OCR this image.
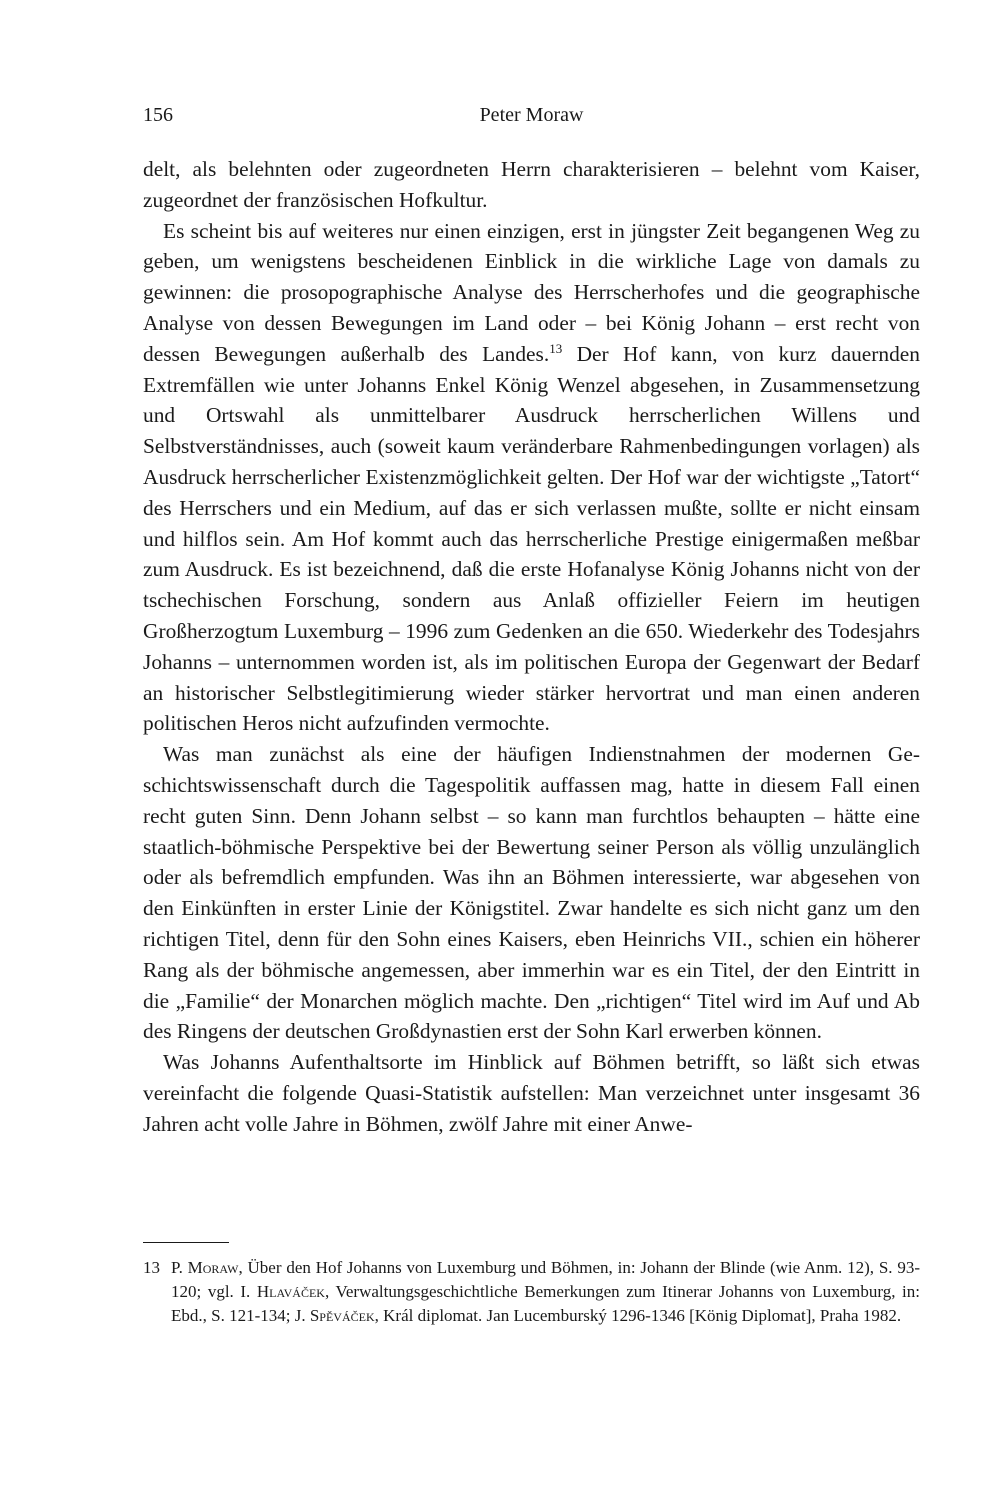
156	Peter Moraw

delt, als belehnten oder zugeordneten Herrn charakterisieren – belehnt vom Kaiser, zugeordnet der französischen Hofkultur.

Es scheint bis auf weiteres nur einen einzigen, erst in jüngster Zeit begangenen Weg zu geben, um wenigstens bescheidenen Einblick in die wirkliche Lage von damals zu gewinnen: die prosopographische Analyse des Herrscherhofes und die geographische Analyse von dessen Bewegungen im Land oder – bei König Johann – erst recht von dessen Bewegungen außerhalb des Landes.$^{13}$ Der Hof kann, von kurz dauernden Extremfällen wie unter Johanns Enkel König Wenzel abgesehen, in Zusammensetzung und Ortswahl als unmittelbarer Ausdruck herrscherlichen Willens und Selbstverständnisses, auch (soweit kaum veränderbare Rahmenbedingungen vorlagen) als Ausdruck herrscherlicher Existenzmöglichkeit gelten. Der Hof war der wichtigste „Tatort“ des Herrschers und ein Medium, auf das er sich verlassen mußte, sollte er nicht einsam und hilflos sein. Am Hof kommt auch das herrscherliche Prestige einigermaßen meßbar zum Ausdruck. Es ist bezeichnend, daß die erste Hofanalyse König Johanns nicht von der tschechischen Forschung, sondern aus Anlaß offizieller Feiern im heutigen Großherzogtum Luxemburg – 1996 zum Gedenken an die 650. Wiederkehr des Todesjahrs Johanns – unternommen worden ist, als im politischen Europa der Gegenwart der Bedarf an historischer Selbstlegitimierung wieder stärker hervortrat und man einen anderen politischen Heros nicht aufzufinden vermochte.

Was man zunächst als eine der häufigen Indienstnahmen der modernen Geschichtswissenschaft durch die Tagespolitik auffassen mag, hatte in diesem Fall einen recht guten Sinn. Denn Johann selbst – so kann man furchtlos behaupten – hätte eine staatlich-böhmische Perspektive bei der Bewertung seiner Person als völlig unzulänglich oder als befremdlich empfunden. Was ihn an Böhmen interessierte, war abgesehen von den Einkünften in erster Linie der Königstitel. Zwar handelte es sich nicht ganz um den richtigen Titel, denn für den Sohn eines Kaisers, eben Heinrichs VII., schien ein höherer Rang als der böhmische angemessen, aber immerhin war es ein Titel, der den Eintritt in die „Familie“ der Monarchen möglich machte. Den „richtigen“ Titel wird im Auf und Ab des Ringens der deutschen Großdynastien erst der Sohn Karl erwerben können.

Was Johanns Aufenthaltsorte im Hinblick auf Böhmen betrifft, so läßt sich etwas vereinfacht die folgende Quasi-Statistik aufstellen: Man verzeichnet unter insgesamt 36 Jahren acht volle Jahre in Böhmen, zwölf Jahre mit einer Anwe-

13 P. Moraw, Über den Hof Johanns von Luxemburg und Böhmen, in: Johann der Blinde (wie Anm. 12), S. 93-120; vgl. I. Hlaváček, Verwaltungsgeschichtliche Bemerkungen zum Itinerar Johanns von Luxemburg, in: Ebd., S. 121-134; J. Spěváček, Král diplomat. Jan Lucemburský 1296-1346 [König Diplomat], Praha 1982.
